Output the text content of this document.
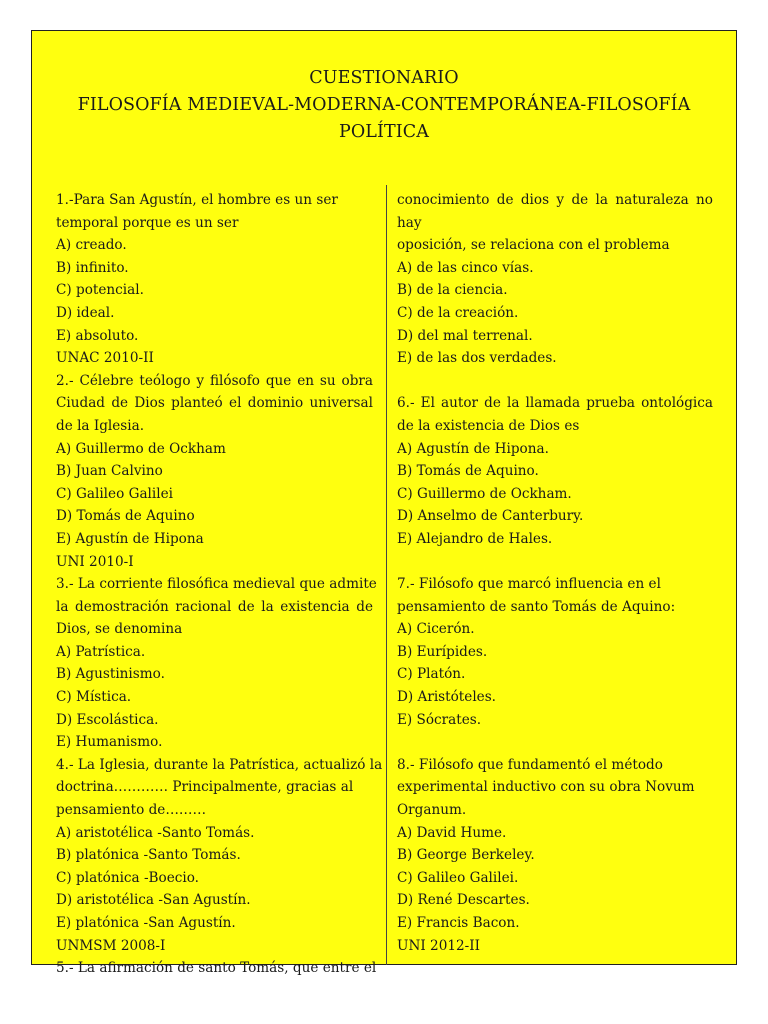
CUESTIONARIO
FILOSOFÍA MEDIEVAL-MODERNA-CONTEMPORÁNEA-FILOSOFÍA
POLÍTICA
1.-Para San Agustín, el hombre es un ser
temporal porque es un ser
A) creado.
B) infinito.
C) potencial.
D) ideal.
E) absoluto.
UNAC 2010-II
2.- Célebre teólogo y filósofo que en su obra
Ciudad de Dios planteó el dominio universal
de la Iglesia.
A) Guillermo de Ockham
B) Juan Calvino
C) Galileo Galilei
D) Tomás de Aquino
E) Agustín de Hipona
UNI 2010-I
3.- La corriente filosófica medieval que admite
la demostración racional de la existencia de
Dios, se denomina
A) Patrística.
B) Agustinismo.
C) Mística.
D) Escolástica.
E) Humanismo.
4.- La Iglesia, durante la Patrística, actualizó la
doctrina………… Principalmente, gracias al
pensamiento de………
A) aristotélica -Santo Tomás.
B) platónica -Santo Tomás.
C) platónica -Boecio.
D) aristotélica -San Agustín.
E) platónica -San Agustín.
UNMSM 2008-I
5.- La afirmación de santo Tomás, que entre el
conocimiento de dios y de la naturaleza no
hay
oposición, se relaciona con el problema
A) de las cinco vías.
B) de la ciencia.
C) de la creación.
D) del mal terrenal.
E) de las dos verdades.
6.- El autor de la llamada prueba ontológica
de la existencia de Dios es
A) Agustín de Hipona.
B) Tomás de Aquino.
C) Guillermo de Ockham.
D) Anselmo de Canterbury.
E) Alejandro de Hales.
7.- Filósofo que marcó influencia en el
pensamiento de santo Tomás de Aquino:
A) Cicerón.
B) Eurípides.
C) Platón.
D) Aristóteles.
E) Sócrates.
8.- Filósofo que fundamentó el método
experimental inductivo con su obra Novum
Organum.
A) David Hume.
B) George Berkeley.
C) Galileo Galilei.
D) René Descartes.
E) Francis Bacon.
UNI 2012-II
